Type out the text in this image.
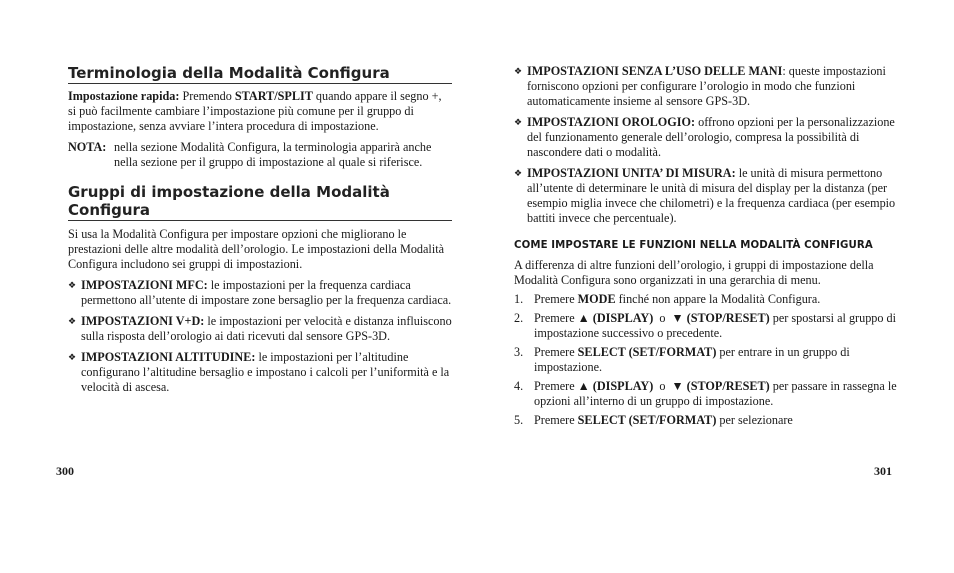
Terminologia della Modalità Configura

Impostazione rapida: Premendo START/SPLIT quando appare il segno +, si può facilmente cambiare l’impostazione più comune per il gruppo di impostazione, senza avviare l’intera procedura di impostazione.

NOTA: nella sezione Modalità Configura, la terminologia apparirà anche nella sezione per il gruppo di impostazione al quale si riferisce.
Gruppi di impostazione della Modalità Configura

Si usa la Modalità Configura per impostare opzioni che migliorano le prestazioni delle altre modalità dell’orologio. Le impostazioni della Modalità Configura includono sei gruppi di impostazioni.

❖ IMPOSTAZIONI MFC: le impostazioni per la frequenza cardiaca permettono all’utente di impostare zone bersaglio per la frequenza cardiaca.
❖ IMPOSTAZIONI V+D: le impostazioni per velocità e distanza influiscono sulla risposta dell’orologio ai dati ricevuti dal sensore GPS-3D.
❖ IMPOSTAZIONI ALTITUDINE: le impostazioni per l’altitudine configurano l’altitudine bersaglio e impostano i calcoli per l’uniformità e la velocità di ascesa.
300
❖ IMPOSTAZIONI SENZA L’USO DELLE MANI: queste impostazioni forniscono opzioni per configurare l’orologio in modo che funzioni automaticamente insieme al sensore GPS-3D.
❖ IMPOSTAZIONI OROLOGIO: offrono opzioni per la personalizzazione del funzionamento generale dell’orologio, compresa la possibilità di nascondere dati o modalità.
❖ IMPOSTAZIONI UNITA’ DI MISURA: le unità di misura permettono all’utente di determinare le unità di misura del display per la distanza (per esempio miglia invece che chilometri) e la frequenza cardiaca (per esempio battiti invece che percentuale).
COME IMPOSTARE LE FUNZIONI NELLA MODALITÀ CONFIGURA

A differenza di altre funzioni dell’orologio, i gruppi di impostazione della Modalità Configura sono organizzati in una gerarchia di menu.

1. Premere MODE finché non appare la Modalità Configura.
2. Premere ▲ (DISPLAY)  o  ▼ (STOP/RESET) per spostarsi al gruppo di impostazione successivo o precedente.
3. Premere SELECT (SET/FORMAT) per entrare in un gruppo di impostazione.
4. Premere ▲ (DISPLAY)  o  ▼ (STOP/RESET) per passare in rassegna le opzioni all’interno di un gruppo di impostazione.
5. Premere SELECT (SET/FORMAT) per selezionare
301
